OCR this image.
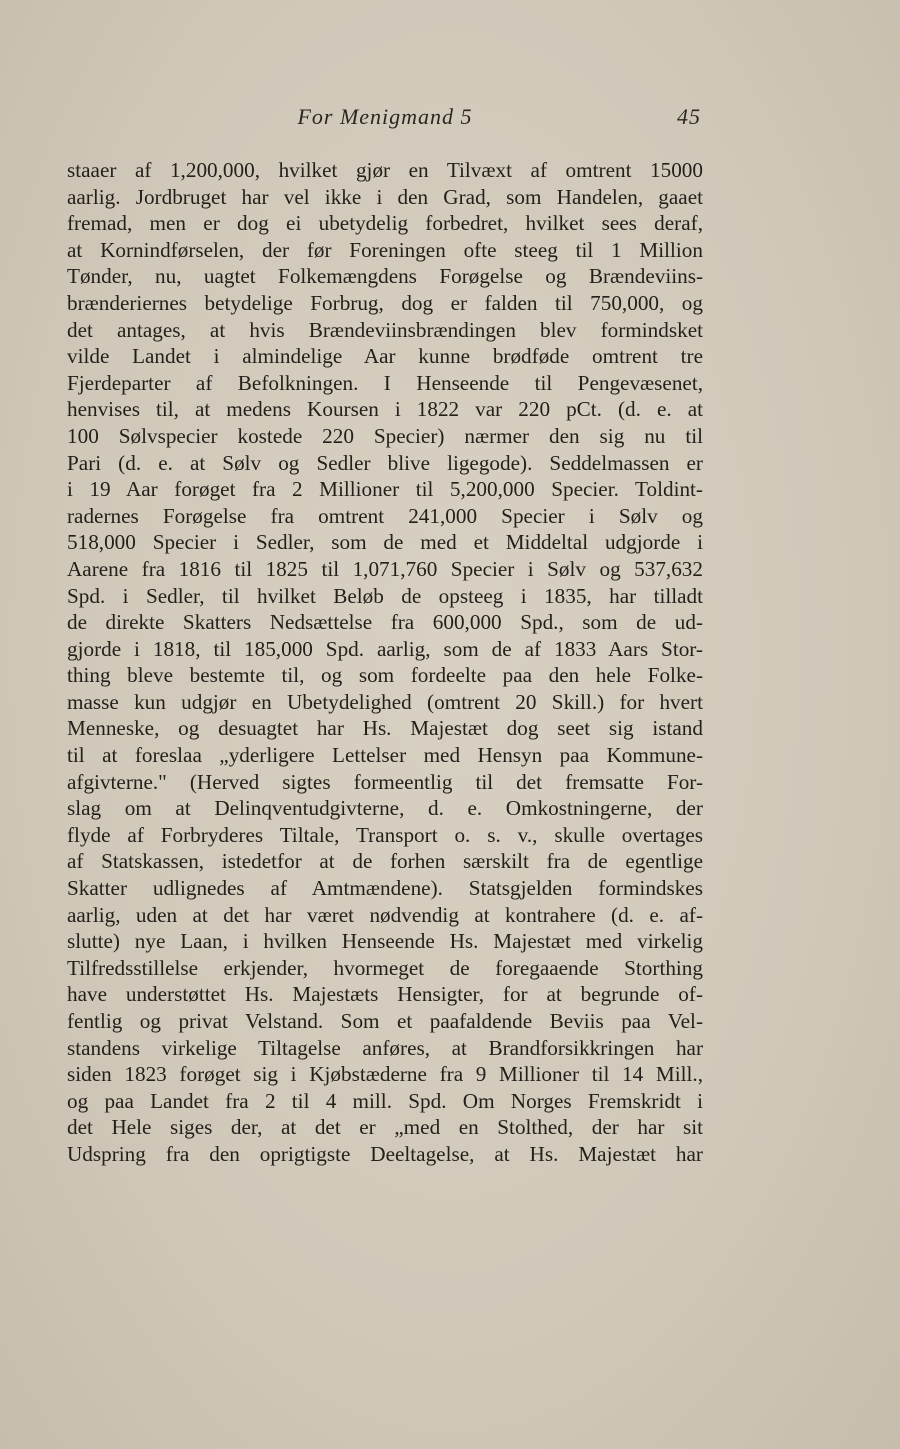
For Menigmand 5	45
staaer af 1,200,000, hvilket gjør en Tilvæxt af omtrent 15000
aarlig. Jordbruget har vel ikke i den Grad, som Handelen, gaaet
fremad, men er dog ei ubetydelig forbedret, hvilket sees deraf,
at Kornindførselen, der før Foreningen ofte steeg til 1 Million
Tønder, nu, uagtet Folkemængdens Forøgelse og Brændeviins-
brænderiernes betydelige Forbrug, dog er falden til 750,000, og
det antages, at hvis Brændeviinsbrændingen blev formindsket
vilde Landet i almindelige Aar kunne brødføde omtrent tre
Fjerdeparter af Befolkningen. I Henseende til Pengevæsenet,
henvises til, at medens Koursen i 1822 var 220 pCt. (d. e. at
100 Sølvspecier kostede 220 Specier) nærmer den sig nu til
Pari (d. e. at Sølv og Sedler blive ligegode). Seddelmassen er
i 19 Aar forøget fra 2 Millioner til 5,200,000 Specier. Toldint-
radernes Forøgelse fra omtrent 241,000 Specier i Sølv og
518,000 Specier i Sedler, som de med et Middeltal udgjorde i
Aarene fra 1816 til 1825 til 1,071,760 Specier i Sølv og 537,632
Spd. i Sedler, til hvilket Beløb de opsteeg i 1835, har tilladt
de direkte Skatters Nedsættelse fra 600,000 Spd., som de ud-
gjorde i 1818, til 185,000 Spd. aarlig, som de af 1833 Aars Stor-
thing bleve bestemte til, og som fordeelte paa den hele Folke-
masse kun udgjør en Ubetydelighed (omtrent 20 Skill.) for hvert
Menneske, og desuagtet har Hs. Majestæt dog seet sig istand
til at foreslaa „yderligere Lettelser med Hensyn paa Kommune-
afgivterne." (Herved sigtes formeentlig til det fremsatte For-
slag om at Delinqventudgivterne, d. e. Omkostningerne, der
flyde af Forbryderes Tiltale, Transport o. s. v., skulle overtages
af Statskassen, istedetfor at de forhen særskilt fra de egentlige
Skatter udlignedes af Amtmændene). Statsgjelden formindskes
aarlig, uden at det har været nødvendig at kontrahere (d. e. af-
slutte) nye Laan, i hvilken Henseende Hs. Majestæt med virkelig
Tilfredsstillelse erkjender, hvormeget de foregaaende Storthing
have understøttet Hs. Majestæts Hensigter, for at begrunde of-
fentlig og privat Velstand. Som et paafaldende Beviis paa Vel-
standens virkelige Tiltagelse anføres, at Brandforsikkringen har
siden 1823 forøget sig i Kjøbstæderne fra 9 Millioner til 14 Mill.,
og paa Landet fra 2 til 4 mill. Spd. Om Norges Fremskridt i
det Hele siges der, at det er „med en Stolthed, der har sit
Udspring fra den oprigtigste Deeltagelse, at Hs. Majestæt har
